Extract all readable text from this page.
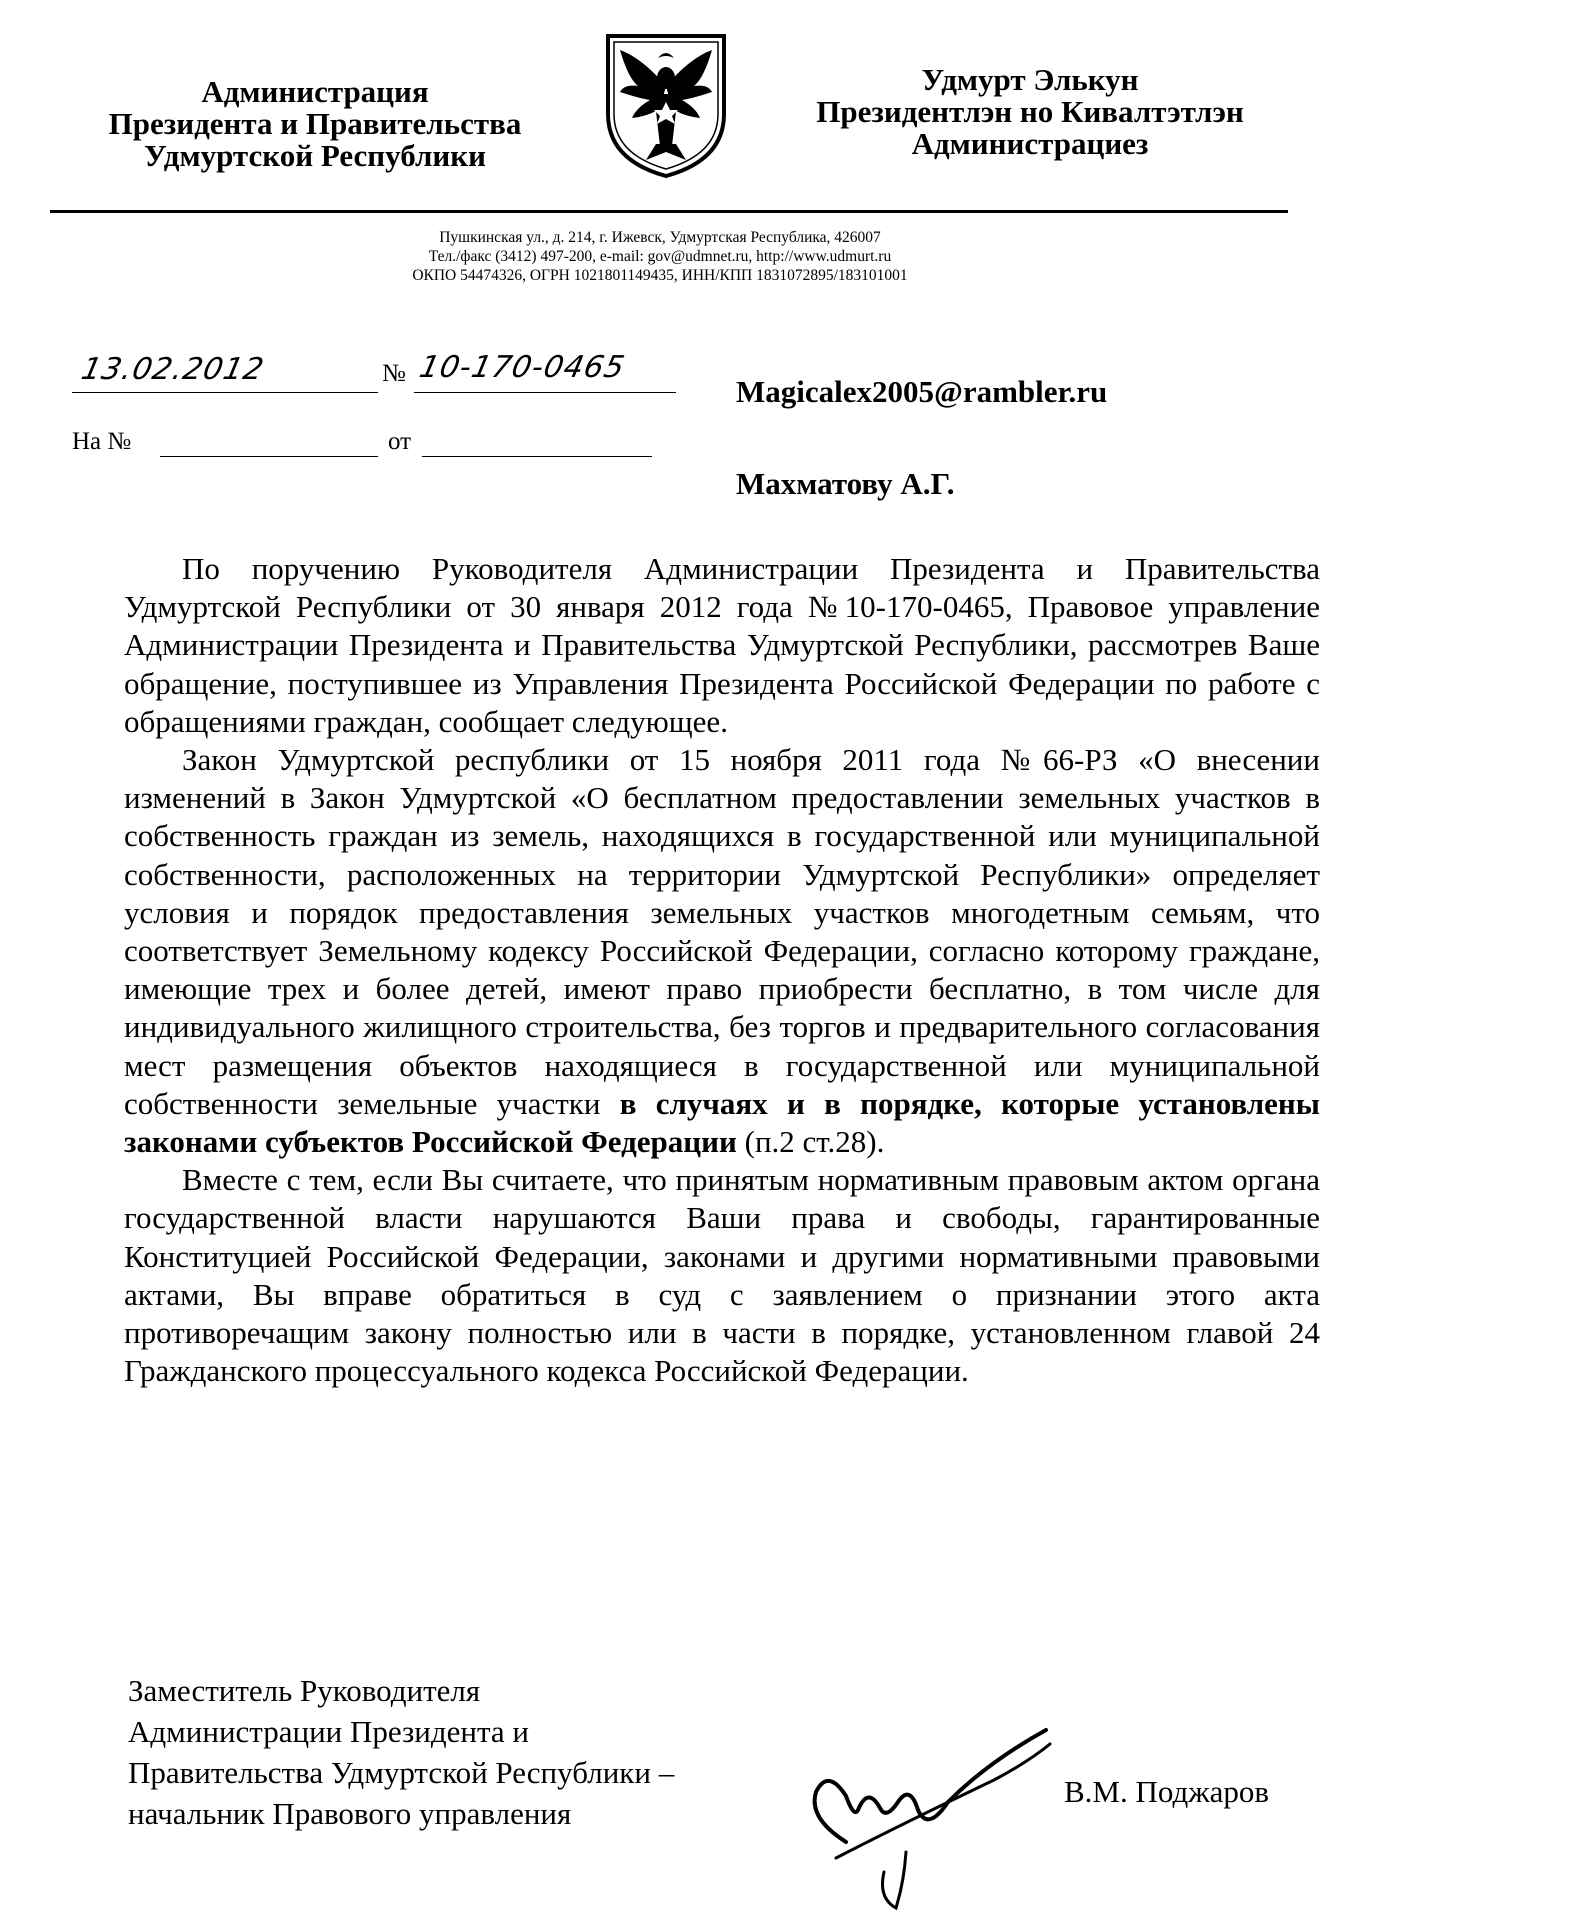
Администрация
Президента и Правительства
Удмуртской Республики
Удмурт Элькун
Президентлэн но Кивалтэтлэн
Администрациез
Пушкинская ул., д. 214, г. Ижевск, Удмуртская Республика, 426007
Тел./факс (3412) 497-200, e-mail: gov@udmnet.ru, http://www.udmurt.ru
ОКПО 54474326, ОГРН 1021801149435, ИНН/КПП 1831072895/183101001
13.02.2012	№ 10-170-0465
На №	от
Magicalex2005@rambler.ru
Махматову А.Г.

По поручению Руководителя Администрации Президента и Правительства Удмуртской Республики от 30 января 2012 года №10-170-0465, Правовое управление Администрации Президента и Правительства Удмуртской Республики, рассмотрев Ваше обращение, поступившее из Управления Президента Российской Федерации по работе с обращениями граждан, сообщает следующее.

Закон Удмуртской республики от 15 ноября 2011 года №66-РЗ «О внесении изменений в Закон Удмуртской «О бесплатном предоставлении земельных участков в собственность граждан из земель, находящихся в государственной или муниципальной собственности, расположенных на территории Удмуртской Республики» определяет условия и порядок предоставления земельных участков многодетным семьям, что соответствует Земельному кодексу Российской Федерации, согласно которому граждане, имеющие трех и более детей, имеют право приобрести бесплатно, в том числе для индивидуального жилищного строительства, без торгов и предварительного согласования мест размещения объектов находящиеся в государственной или муниципальной собственности земельные участки в случаях и в порядке, которые установлены законами субъектов Российской Федерации (п.2 ст.28).

Вместе с тем, если Вы считаете, что принятым нормативным правовым актом органа государственной власти нарушаются Ваши права и свободы, гарантированные Конституцией Российской Федерации, законами и другими нормативными правовыми актами, Вы вправе обратиться в суд с заявлением о признании этого акта противоречащим закону полностью или в части в порядке, установленном главой 24 Гражданского процессуального кодекса Российской Федерации.

Заместитель Руководителя
Администрации Президента и
Правительства Удмуртской Республики –
начальник Правового управления
В.М. Поджаров
